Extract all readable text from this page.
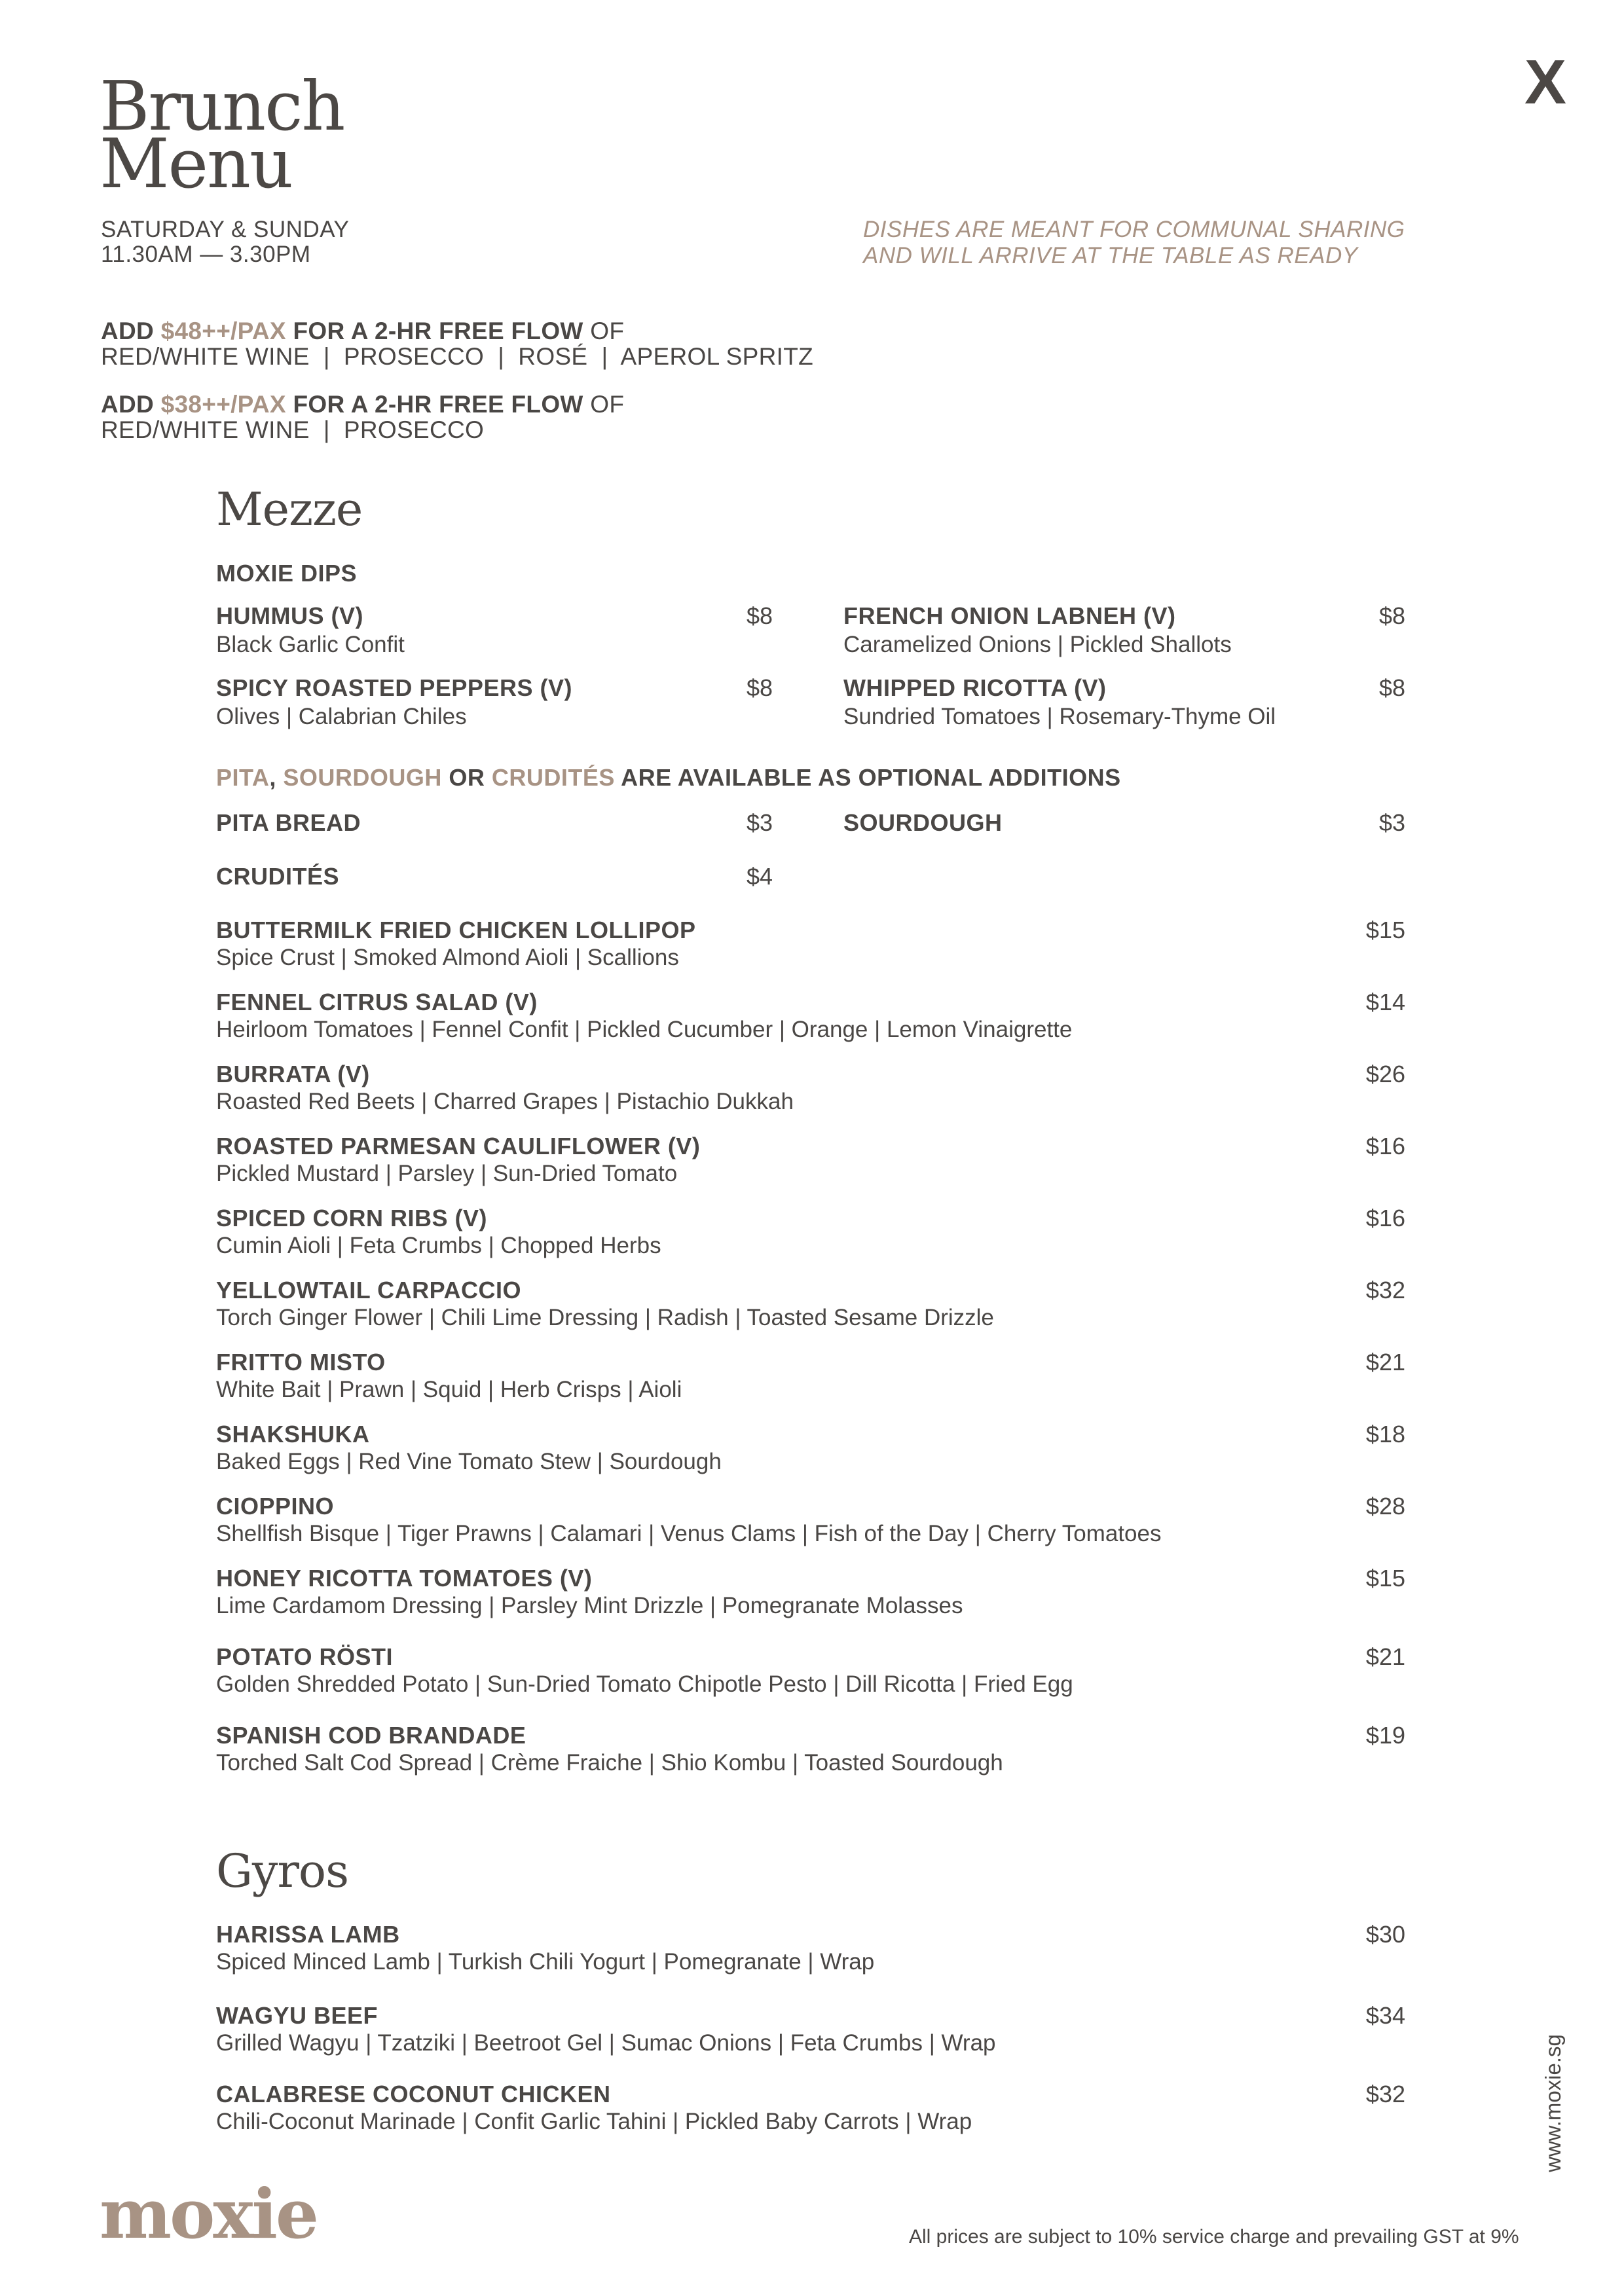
Brunch
Menu
X
SATURDAY & SUNDAY
11.30AM — 3.30PM
DISHES ARE MEANT FOR COMMUNAL SHARING
AND WILL ARRIVE AT THE TABLE AS READY
ADD $48++/PAX FOR A 2-HR FREE FLOW OF
RED/WHITE WINE  |  PROSECCO  |  ROSÉ  |  APEROL SPRITZ
ADD $38++/PAX FOR A 2-HR FREE FLOW OF
RED/WHITE WINE  |  PROSECCO
Mezze
MOXIE DIPS
HUMMUS (V)	$8
Black Garlic Confit
FRENCH ONION LABNEH (V)	$8
Caramelized Onions | Pickled Shallots
SPICY ROASTED PEPPERS (V)	$8
Olives | Calabrian Chiles
WHIPPED RICOTTA (V)	$8
Sundried Tomatoes | Rosemary-Thyme Oil
PITA, SOURDOUGH OR CRUDITÉS ARE AVAILABLE AS OPTIONAL ADDITIONS
PITA BREAD	$3	SOURDOUGH	$3
CRUDITÉS	$4
BUTTERMILK FRIED CHICKEN LOLLIPOP	$15
Spice Crust | Smoked Almond Aioli | Scallions
FENNEL CITRUS SALAD (V)	$14
Heirloom Tomatoes | Fennel Confit | Pickled Cucumber | Orange | Lemon Vinaigrette
BURRATA (V)	$26
Roasted Red Beets | Charred Grapes | Pistachio Dukkah
ROASTED PARMESAN CAULIFLOWER (V)	$16
Pickled Mustard | Parsley | Sun-Dried Tomato
SPICED CORN RIBS (V)	$16
Cumin Aioli | Feta Crumbs | Chopped Herbs
YELLOWTAIL CARPACCIO	$32
Torch Ginger Flower | Chili Lime Dressing | Radish | Toasted Sesame Drizzle
FRITTO MISTO	$21
White Bait | Prawn | Squid | Herb Crisps | Aioli
SHAKSHUKA	$18
Baked Eggs | Red Vine Tomato Stew | Sourdough
CIOPPINO	$28
Shellfish Bisque | Tiger Prawns | Calamari | Venus Clams | Fish of the Day | Cherry Tomatoes
HONEY RICOTTA TOMATOES (V)	$15
Lime Cardamom Dressing | Parsley Mint Drizzle | Pomegranate Molasses
POTATO RÖSTI	$21
Golden Shredded Potato | Sun-Dried Tomato Chipotle Pesto | Dill Ricotta | Fried Egg
SPANISH COD BRANDADE	$19
Torched Salt Cod Spread | Crème Fraiche | Shio Kombu | Toasted Sourdough
Gyros
HARISSA LAMB	$30
Spiced Minced Lamb | Turkish Chili Yogurt | Pomegranate | Wrap
WAGYU BEEF	$34
Grilled Wagyu | Tzatziki | Beetroot Gel | Sumac Onions | Feta Crumbs | Wrap
CALABRESE COCONUT CHICKEN	$32
Chili-Coconut Marinade | Confit Garlic Tahini | Pickled Baby Carrots | Wrap
moxie	All prices are subject to 10% service charge and prevailing GST at 9%
www.moxie.sg
